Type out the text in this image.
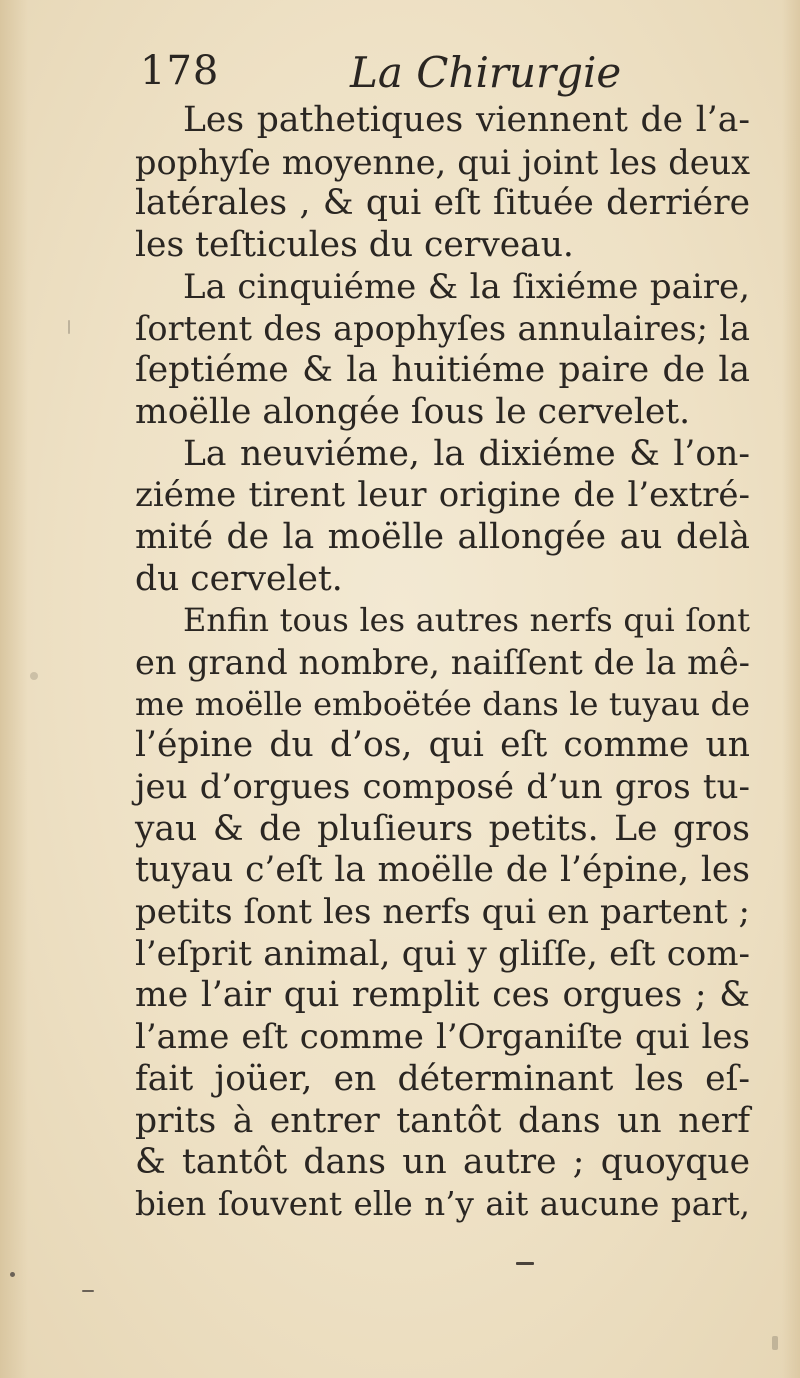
178	La Chirurgie
Les pathetiques viennent de l’a-
pophyſe moyenne, qui joint les deux
latérales , & qui eſt ſituée derriére
les teſticules du cerveau.
La cinquiéme & la ſixiéme paire,
ſortent des apophyſes annulaires; la
ſeptiéme & la huitiéme paire de la
moëlle alongée ſous le cervelet.
La neuviéme, la dixiéme & l’on-
ziéme tirent leur origine de l’extré-
mité de la moëlle allongée au delà
du cervelet.
Enfin tous les autres nerfs qui ſont
en grand nombre, naiſſent de la mê-
me moëlle emboëtée dans le tuyau de
l’épine du d’os, qui eſt comme un
jeu d’orgues composé d’un gros tu-
yau & de pluſieurs petits. Le gros
tuyau c’eſt la moëlle de l’épine, les
petits ſont les nerfs qui en partent ;
l’eſprit animal, qui y gliſſe, eſt com-
me l’air qui remplit ces orgues ; &
l’ame eſt comme l’Organiſte qui les
fait joüer, en déterminant les eſ-
prits à entrer tantôt dans un nerf
& tantôt dans un autre ; quoyque
bien ſouvent elle n’y ait aucune part,
